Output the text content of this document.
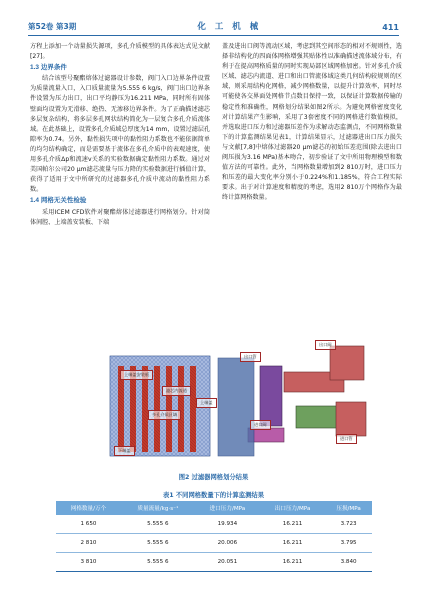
第52卷 第3期	化 工 机 械	411

方程上添加一个动量损失源项，多孔介质模型的具体表达式见文献[27]。

1.3 边界条件

结合该型号聚酯熔体过滤器设计参数，阀门入口边界条件设置为质量流量入口，入口质量流量为5.555 6 kg/s，阀门出口边界条件设置为压力出口，出口平均静压为16.211 MPa，同时所有固体壁面均设置为无滑移、绝热、无渗移边界条件。为了正确描述滤芯多层复杂结构，将多层多孔网状结构简化为一层复合多孔介质流体域。在此基础上，设置多孔介质域总厚度为14 mm，设置过滤层孔隙率为0.74。另外，黏性损失项中的黏性阻力系数也不能依据简单的均匀结构确定，而是需要基于流体在多孔介质中的表观速度，使用多孔介质Δp和流速v关系的实验数据确定黏性阻力系数。通过对美国帕尔公司20 μm滤芯流量与压力降的实验数据进行插值计算，获得了适用于文中所研究的过滤器多孔介质中流动的黏性阻力系数。

1.4 网格无关性检验

采用ICEM CFD软件对聚酯熔体过滤器进行网格划分。针对筒体间腔、上端盖安装板、下端

盖及进出口阀等流动区域，考虑到其空间形态的相对不规则性，选择非结构化的四面体网格增强其贴体性以准确描述流体域分布，有利于在提高网格质量的同时实现局部区域网格加密。针对多孔介质区域、滤芯内流道、进口和出口管流体域这类几何结构较规则的区域，则采用结构化网格，减少网格数量，以提升计算效率，同时尽可能使各交界面处网格节点数目保持一致，以保证计算数据传输的稳定性和准确性，网格划分结果如图2所示。为避免网格密度变化对计算结果产生影响，采用了3套密度不同的网格进行数值模拟，并选取进口压力和过滤器压差作为求解动态监测点，不同网格数量下的计算监测结果见表1，计算结果显示，过滤器进出口压力损失与文献[7,8]中熔体过滤器20 μm滤芯的初始压差范围(除去进出口阀压损为3.16 MPa)基本吻合，初步验证了文中所用物理模型和数值方法的可靠性。此外，当网格数量增加到2 810万时，进口压力和压差的最大变化率分别小于0.224%和1.185%，符合工程实际要求。出于对计算速度和精度的考虑，选用2 810万个网格作为最终计算网格数量。

出口管
出口阀
上端盖安装板
滤芯内流道
多孔介质区域
上端盖
下端盖
进口阀
进口管
图2 过滤器网格划分结果
表1 不同网格数量下的计算监测结果
网格数量/万个	质量流量/kg·s⁻¹	进口压力/MPa	出口压力/MPa	压损/MPa
1 650	5.555 6	19.934	16.211	3.723
2 810	5.555 6	20.006	16.211	3.795
3 810	5.555 6	20.051	16.211	3.840
